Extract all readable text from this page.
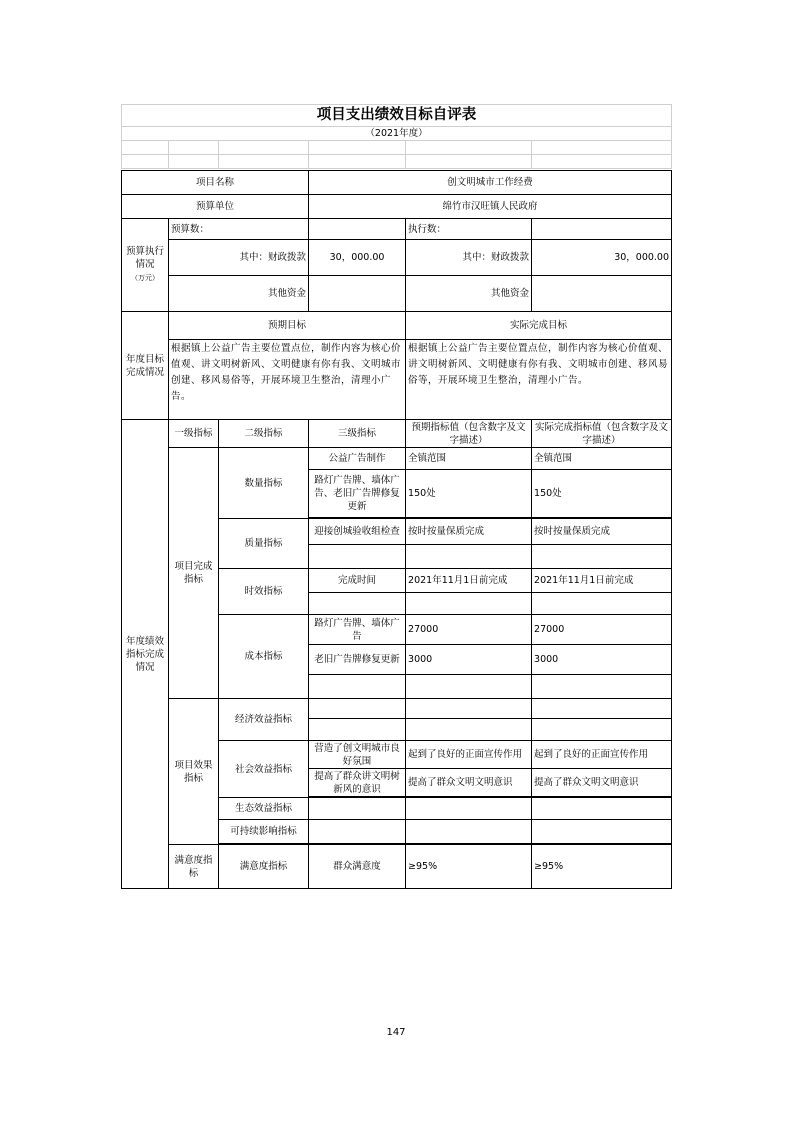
项目支出绩效目标自评表					
（2021年度）					

项目名称			创文明城市工作经费		
预算单位			绵竹市汉旺镇人民政府		
预算执行情况
（万元）	预算数：			执行数：	
	其中：财政拨款		30，000.00	其中：财政拨款	30，000.00
	其他资金			其他资金	
年度目标完成情况	预期目标			实际完成目标	
	根据镇上公益广告主要位置点位，制作内容为核心价值观、讲文明树新风、文明健康有你有我、文明城市创建、移风易俗等，开展环境卫生整治，清理小广告。			根据镇上公益广告主要位置点位，制作内容为核心价值观、讲文明树新风、文明健康有你有我、文明城市创建、移风易俗等，开展环境卫生整治，清理小广告。	
年度绩效指标完成情况	一级指标	二级指标	三级指标	预期指标值（包含数字及文字描述）	实际完成指标值（包含数字及文字描述）
	项目完成指标	数量指标	公益广告制作	全镇范围	全镇范围
			路灯广告牌、墙体广告、老旧广告牌修复更新	150处	150处

		质量指标	迎接创城验收组检查	按时按量保质完成	按时按量保质完成

		时效指标	完成时间	2021年11月1日前完成	2021年11月1日前完成

		成本指标	路灯广告牌、墙体广告	27000	27000
			老旧广告牌修复更新	3000	3000

	项目效果指标	经济效益指标			

		社会效益指标	营造了创文明城市良好氛围	起到了良好的正面宣传作用	起到了良好的正面宣传作用
			提高了群众讲文明树新风的意识	提高了群众文明文明意识	提高了群众文明文明意识

		生态效益指标			
		可持续影响指标			

	满意度指标	满意度指标	群众满意度	≥95%	≥95%
147
